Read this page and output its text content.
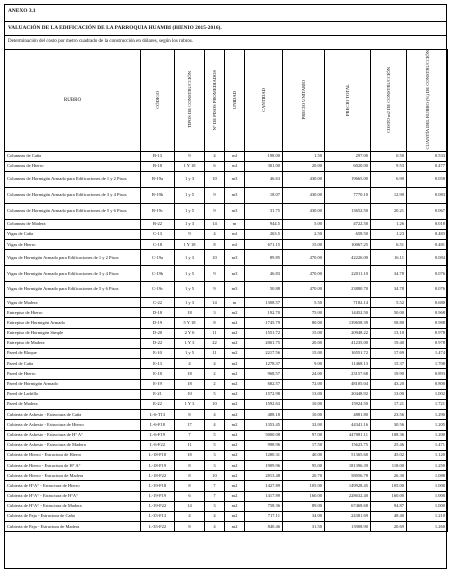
ANEXO 3.1
VALUACIÓN DE LA EDIFICACIÓN DE LA PARROQUIA HUAMBI (BIENIO 2015-2016).
Determinación del costo por metro cuadrado de la construcción en dólares, según los rubros.
RUBRO	CÓDIGO	TIPOS DE CONSTRUCCIÓN	N° DE PISOS PROMEDIADOS	UNIDAD	CANTIDAD	PRECIO UNITARIO	PRECIO TOTAL	COSTO m2 DE CONSTRUCCIÓN	CUANTÍA DEL RUBRO (%) DE CONSTRUCCIÓN
Columnas de Caña	B-13	9	4	ml	198.00	1.50	297.00	0.50	0.533
Columnas de Hierro	B-18	1 Y 18	6	ml	301.00	20.00	6020.00	9.53	0.477
Columnas de Hormigón Armado para Edificaciones de 1 y 2 Pisos	B-19a	1 y 3	10	m3	46.63	430.00	19665.00	6.90	0.058
Columnas de Hormigón Armado para Edificaciones de 3 y 4 Pisos	B-19b	1 y 5	9	m3	18.07	430.00	7770.10	12.90	0.083
Columnas de Hormigón Armado para Edificaciones de 5 y 6 Pisos	B-19c	1 y 5	9	m3	31.75	430.00	13652.50	20.21	0.067
Columnas de Madera	B-22	1 y 3	14	m	944.5	5.00	4722.50	1.26	0.018
Vigas de Caña	C-13	9	4	ml	263.5	2.50	658.50	1.23	0.483
Vigas de Hierro	C-18	1 Y 18	8	ml	671.15	15.00	10067.25	6.51	0.481
Vigas de Hormigón Armado para Edificaciones de 1 y 2 Pisos	C-19a	1 y 3	10	m3	89.85	470.00	42226.00	16.11	0.084
Vigas de Hormigón Armado para Edificaciones de 3 y 4 Pisos	C-19b	1 y 5	9	m3	46.83	470.00	22011.10	34.78	0.076
Vigas de Hormigón Armado para Edificaciones de 5 y 6 Pisos	C-19c	1 y 5	9	m3	50.88	470.00	23880.70	34.78	0.076
Vigas de Madera	C-22	1 y 3	14	m	1308.57	5.50	7182.14	5.52	0.680
Entrepiso de Hierro	D-18	18	3	m2	192.70	75.00	14452.50	50.00	0.968
Entrepiso de Hormigón Armado	D-19	5 Y 18	8	m2	1745.79	80.00	139658.39	58.80	0.988
Entrepiso de Hormigón Simple	D-20	2 Y 6	11	m2	1551.72	15.00	20948.22	13.10	0.978
Entrepiso de Madera	D-22	1 Y 3	22	m2	2061.75	20.00	41235.00	19.40	0.978
Pared de Bloque	E-10	1 y 5	11	m2	2217.56	15.00	16551.72	17.69	1.474
Pared de Caña	E-13	4	4	m2	1278.37	9.00	11468.13	15.37	1.708
Pared de Hierro	E-18	18	2	m2	968.57	24.00	23157.68	19.90	0.893
Pared de Hormigón Armado	E-19	18	2	m2	682.57	72.00	48105.04	43.20	0.800
Pared de Ladrillo	E-21	10	5	m2	1572.98	13.00	20448.92	13.00	1.002
Pared de Madera	E-22	1 Y 3	10	m2	1592.63	10.00	15924.50	17.21	1.721
Cubierta de Asbesto - Estructura de Caña	L-6-T13	8	4	m2	488.18	10.00	4881.80	23.56	1.290
Cubierta de Asbesto - Estructura de Hierro	L-6-F18	17	4	m2	1353.45	32.00	44341.16	30.56	1.205
Cubierta de Asbesto - Estructura de H° A°	L-6-F19	7	5	m2	5000.08	97.00	447081.11	108.36	1.200
Cubierta de Asbesto - Estructura de Madera	L-6-F22	11	5	m2	998.96	17.50	15623.75	25.46	1.471
Cubierta de Hierro - Estructura de Hierro	L-18-F18	18	3	m2	1280.31	40.00	51365.60	45.02	1.120
Cubierta de Hierro - Estructura de H° A°	L-18-F19	8	3	m2	1909.96	95.00	181396.39	118.00	1.250
Cubierta de Hierro - Estructura de Madera	L-18-F22	8	10	m2	2813.48	20.70	58056.78	26.30	1.088
Cubierta de H°A° - Estructura de Hierro	L-19-F18	8	7	m2	1427.89	105.00	149928.45	105.00	1.000
Cubierta de H°A° - Estructura de H°A°	L-19-F19	6	7	m2	1417.89	160.00	228632.40	160.00	1.000
Cubierta de H°A° - Estructura de Madera	L-19-F22	14	3	m2	758.36	89.00	67468.68	94.87	1.000
Cubierta de Paja - Estructura de Caña	L-35-F13	4	4	m2	717.11	34.00	24381.69	48.40	1.210
Cubierta de Paja - Estructura de Madera	L-35-F22	8	4	m2	840.46	31.50	13908.90	20.69	1.260
